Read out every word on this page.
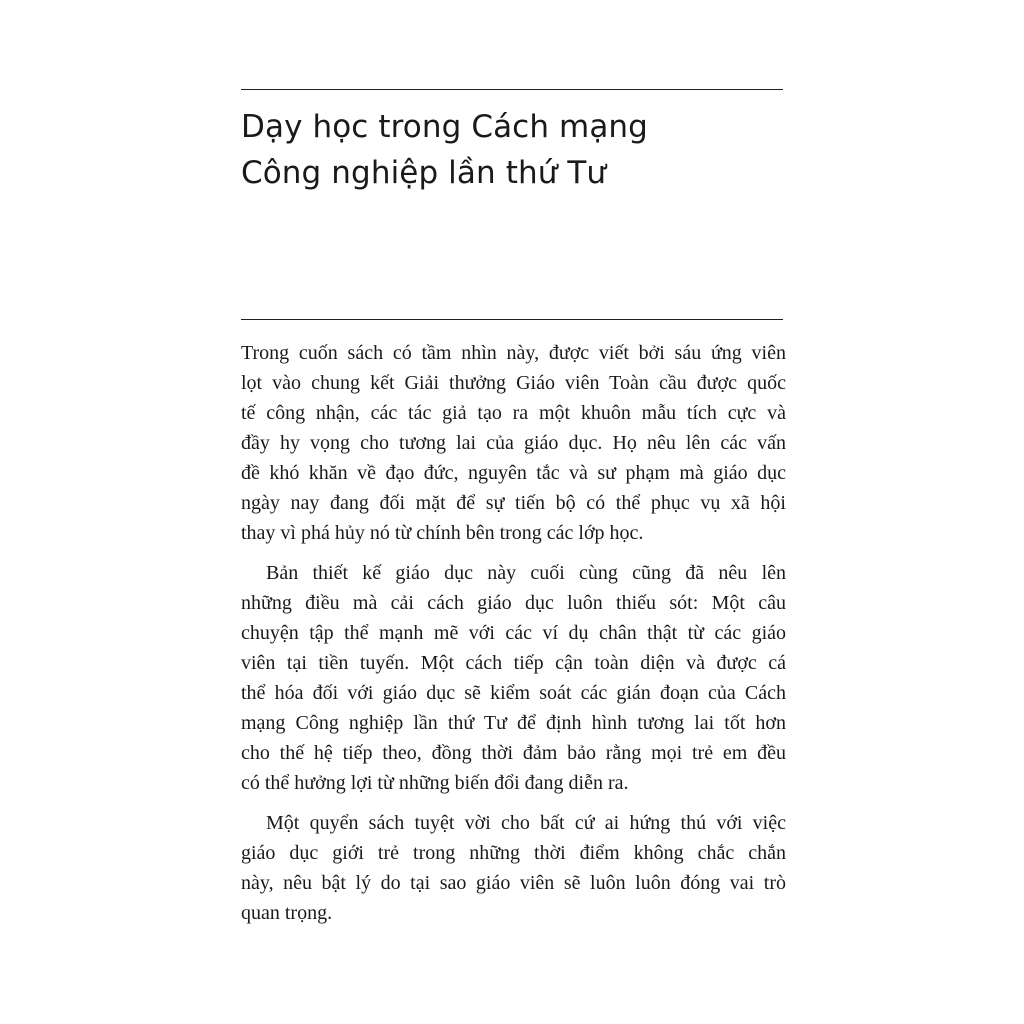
Dạy học trong Cách mạng
Công nghiệp lần thứ Tư

Trong cuốn sách có tầm nhìn này, được viết bởi sáu ứng viên
lọt vào chung kết Giải thưởng Giáo viên Toàn cầu được quốc
tế công nhận, các tác giả tạo ra một khuôn mẫu tích cực và
đầy hy vọng cho tương lai của giáo dục. Họ nêu lên các vấn
đề khó khăn về đạo đức, nguyên tắc và sư phạm mà giáo dục
ngày nay đang đối mặt để sự tiến bộ có thể phục vụ xã hội
thay vì phá hủy nó từ chính bên trong các lớp học.

Bản thiết kế giáo dục này cuối cùng cũng đã nêu lên
những điều mà cải cách giáo dục luôn thiếu sót: Một câu
chuyện tập thể mạnh mẽ với các ví dụ chân thật từ các giáo
viên tại tiền tuyến. Một cách tiếp cận toàn diện và được cá
thể hóa đối với giáo dục sẽ kiểm soát các gián đoạn của Cách
mạng Công nghiệp lần thứ Tư để định hình tương lai tốt hơn
cho thế hệ tiếp theo, đồng thời đảm bảo rằng mọi trẻ em đều
có thể hưởng lợi từ những biến đổi đang diễn ra.

Một quyển sách tuyệt vời cho bất cứ ai hứng thú với việc
giáo dục giới trẻ trong những thời điểm không chắc chắn
này, nêu bật lý do tại sao giáo viên sẽ luôn luôn đóng vai trò
quan trọng.
